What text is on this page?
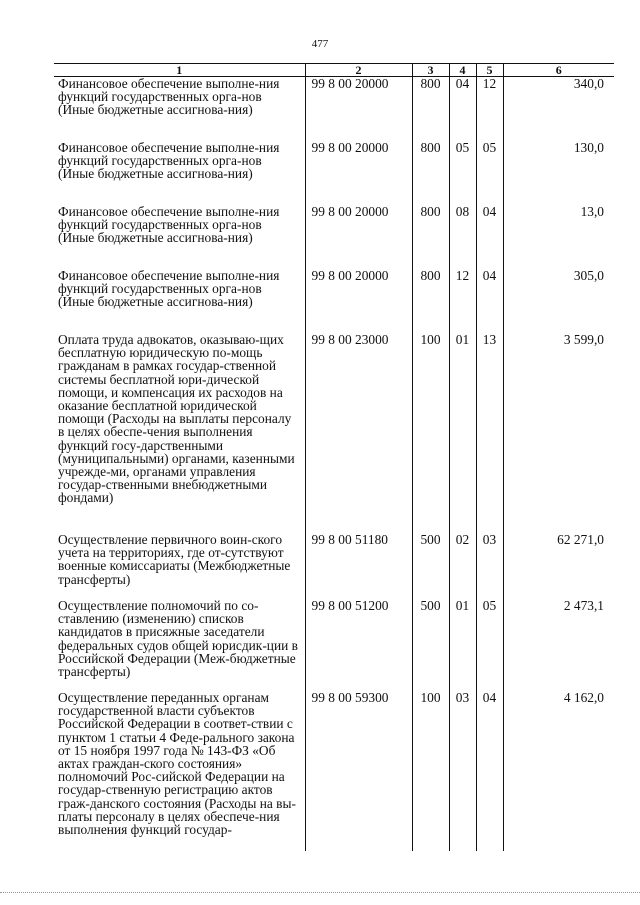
477
1	2	3	4	5	6

Финансовое обеспечение выполне-ния функций государственных орга-нов (Иные бюджетные ассигнова-ния)	99 8 00 20000	800	04	12	340,0

Финансовое обеспечение выполне-ния функций государственных орга-нов (Иные бюджетные ассигнова-ния)	99 8 00 20000	800	05	05	130,0

Финансовое обеспечение выполне-ния функций государственных орга-нов (Иные бюджетные ассигнова-ния)	99 8 00 20000	800	08	04	13,0

Финансовое обеспечение выполне-ния функций государственных орга-нов (Иные бюджетные ассигнова-ния)	99 8 00 20000	800	12	04	305,0

Оплата труда адвокатов, оказываю-щих бесплатную юридическую по-мощь гражданам в рамках государ-ственной системы бесплатной юри-дической помощи, и компенсация их расходов на оказание бесплатной юридической помощи (Расходы на выплаты персоналу в целях обеспе-чения выполнения функций госу-дарственными (муниципальными) органами, казенными учрежде-ми, органами управления государ-ственными внебюджетными фондами)	99 8 00 23000	100	01	13	3 599,0

Осуществление первичного воин-ского учета на территориях, где от-сутствуют военные комиссариаты (Межбюджетные трансферты)	99 8 00 51180	500	02	03	62 271,0

Осуществление полномочий по со-ставлению (изменению) списков кандидатов в присяжные заседатели федеральных судов общей юрисдик-ции в Российской Федерации (Меж-бюджетные трансферты)	99 8 00 51200	500	01	05	2 473,1

Осуществление переданных органам государственной власти субъектов Российской Федерации в соответ-ствии с пунктом 1 статьи 4 Феде-рального закона от 15 ноября 1997 года № 143-ФЗ «Об актах граждан-ского состояния» полномочий Рос-сийской Федерации на государ-ственную регистрацию актов граж-данского состояния (Расходы на вы-платы персоналу в целях обеспече-ния выполнения функций государ-	99 8 00 59300	100	03	04	4 162,0
